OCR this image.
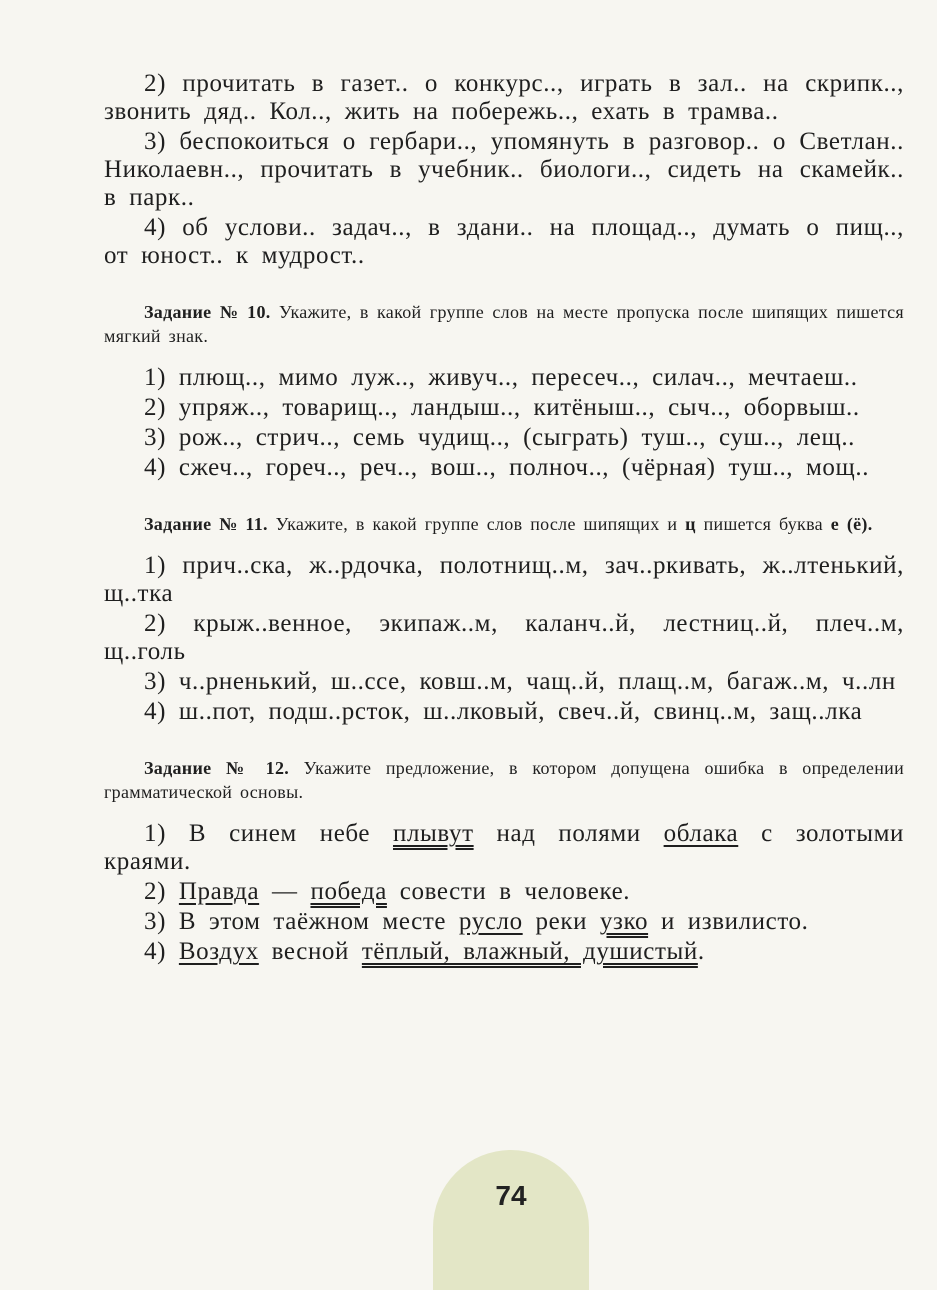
2) прочитать в газет.. о конкурс.., играть в зал.. на скрипк.., звонить дяд.. Кол.., жить на побережь.., ехать в трамва..

3) беспокоиться о гербари.., упомянуть в разговор.. о Светлан.. Николаевн.., прочитать в учебник.. биологи.., сидеть на скамейк.. в парк..

4) об услови.. задач.., в здани.. на площад.., думать о пищ.., от юност.. к мудрост..

Задание № 10. Укажите, в какой группе слов на месте пропуска после шипящих пишется мягкий знак.

1) плющ.., мимо луж.., живуч.., пересеч.., силач.., мечтаеш..

2) упряж.., товарищ.., ландыш.., китёныш.., сыч.., оборвыш..

3) рож.., стрич.., семь чудищ.., (сыграть) туш.., суш.., лещ..

4) сжеч.., гореч.., реч.., вош.., полноч.., (чёрная) туш.., мощ..

Задание № 11. Укажите, в какой группе слов после шипящих и ц пишется буква е (ё).

1) прич..ска, ж..рдочка, полотнищ..м, зач..ркивать, ж..лтенький, щ..тка

2) крыж..венное, экипаж..м, каланч..й, лестниц..й, плеч..м, щ..голь

3) ч..рненький, ш..ссе, ковш..м, чащ..й, плащ..м, багаж..м, ч..лн

4) ш..пот, подш..рсток, ш..лковый, свеч..й, свинц..м, защ..лка

Задание № 12. Укажите предложение, в котором допущена ошибка в определении грамматической основы.

1) В синем небе плывут над полями облака с золотыми краями.

2) Правда — победа совести в человеке.

3) В этом таёжном месте русло реки узко и извилисто.

4) Воздух весной тёплый, влажный, душистый.

74
